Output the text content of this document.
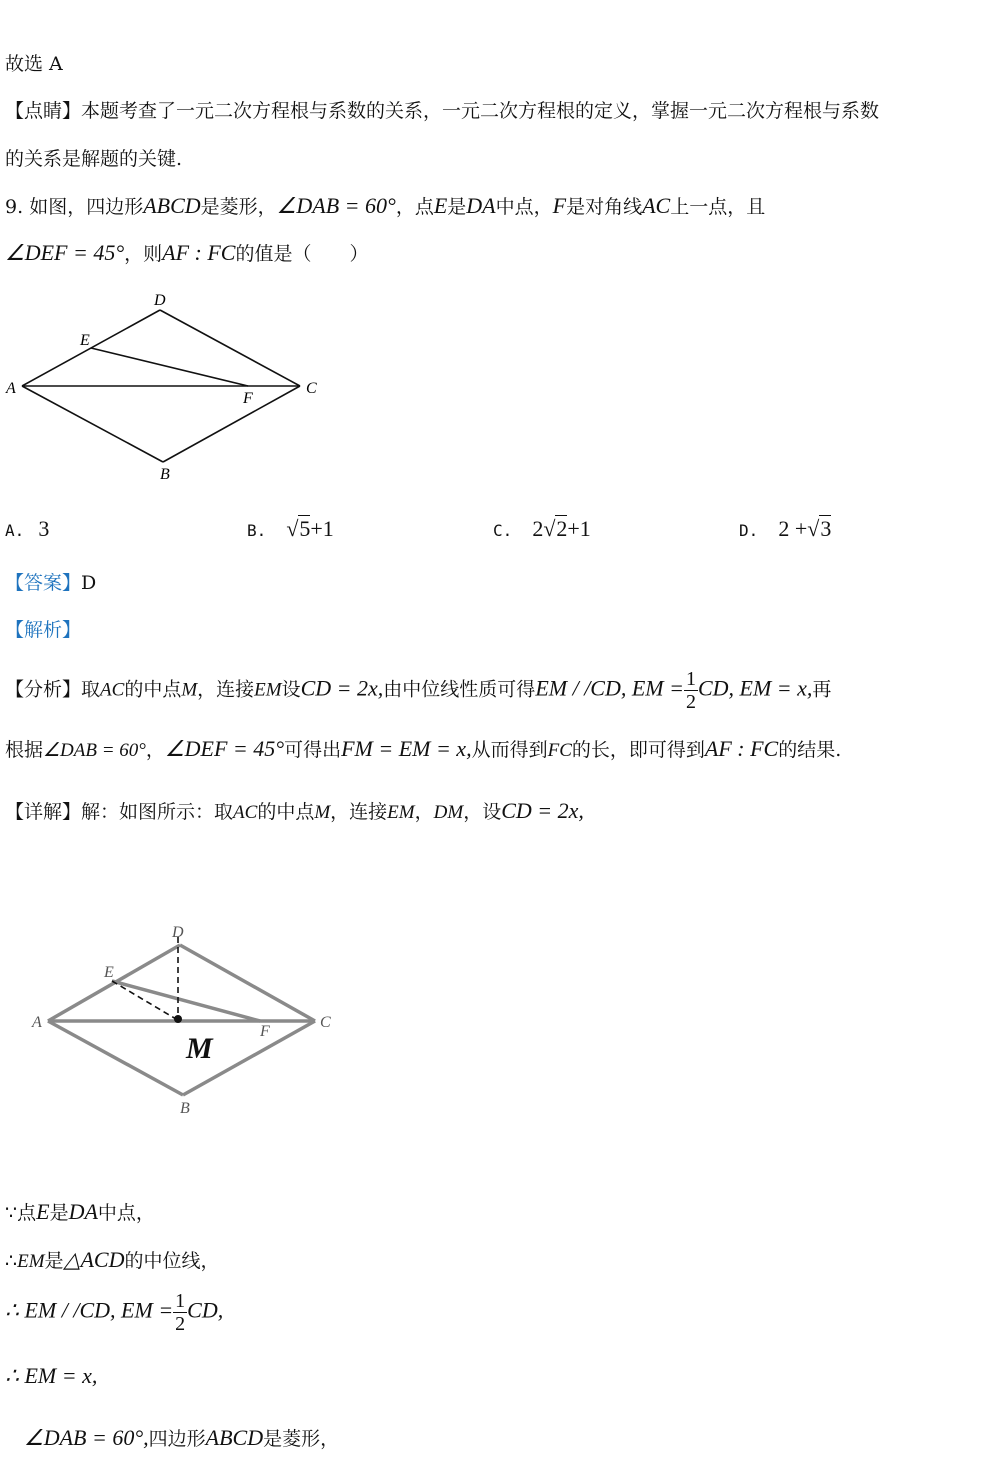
故选 A
【点睛】本题考查了一元二次方程根与系数的关系，一元二次方程根的定义，掌握一元二次方程根与系数
的关系是解题的关键.
9. 如图，四边形ABCD是菱形，∠DAB = 60°，点E是DA中点，F是对角线AC上一点，且
∠DEF = 45°，则AF : FC的值是（　　）
D
E
A
F
C
B
A. 3	B. √5+1	C. 2√2+1	D. 2 +√3
【答案】D
【解析】
【分析】取AC的中点M，连接EM设CD = 2x,由中位线性质可得EM / /CD, EM = $\frac{1}{2}$ CD, EM = x,再
根据∠DAB = 60°，∠DEF = 45°可得出FM = EM = x,从而得到FC的长，即可得到AF : FC的结果.
【详解】解：如图所示：取AC的中点M，连接EM，DM，设CD = 2x,
D
E
A
F
C
M
B
∵点E是DA中点，
∴EM是△ACD的中位线，
∴ EM / /CD, EM = $\frac{1}{2}$ CD,
∴ EM = x,
∠DAB = 60°,四边形ABCD是菱形，
